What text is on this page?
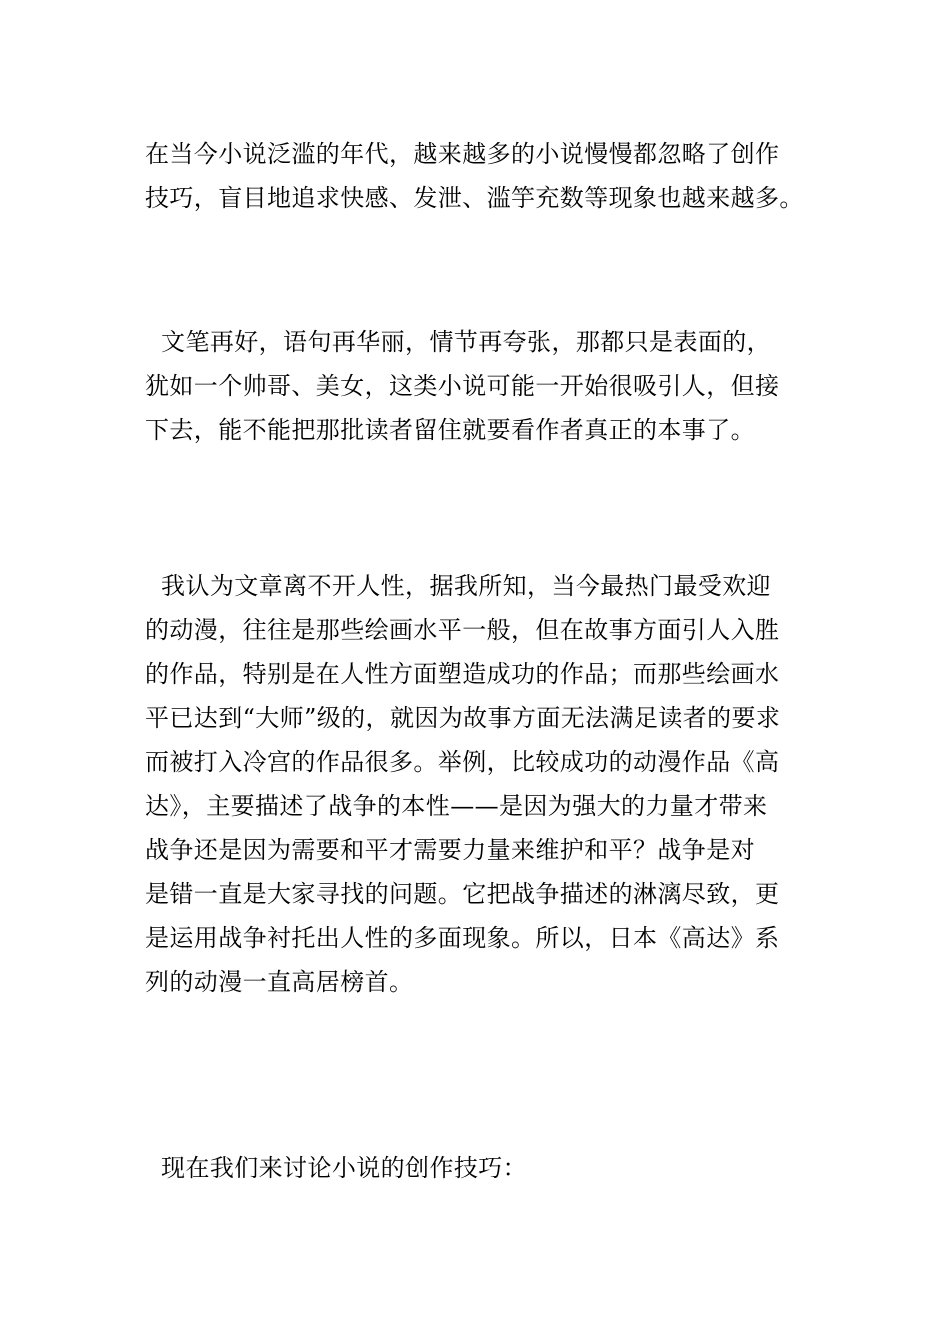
在当今小说泛滥的年代，越来越多的小说慢慢都忽略了创作
技巧，盲目地追求快感、发泄、滥竽充数等现象也越来越多。

文笔再好，语句再华丽，情节再夸张，那都只是表面的，
犹如一个帅哥、美女，这类小说可能一开始很吸引人，但接
下去，能不能把那批读者留住就要看作者真正的本事了。

我认为文章离不开人性，据我所知，当今最热门最受欢迎
的动漫，往往是那些绘画水平一般，但在故事方面引人入胜
的作品，特别是在人性方面塑造成功的作品；而那些绘画水
平已达到“大师”级的，就因为故事方面无法满足读者的要求
而被打入冷宫的作品很多。举例，比较成功的动漫作品《高
达》，主要描述了战争的本性——是因为强大的力量才带来
战争还是因为需要和平才需要力量来维护和平？战争是对
是错一直是大家寻找的问题。它把战争描述的淋漓尽致，更
是运用战争衬托出人性的多面现象。所以，日本《高达》系
列的动漫一直高居榜首。

现在我们来讨论小说的创作技巧：
